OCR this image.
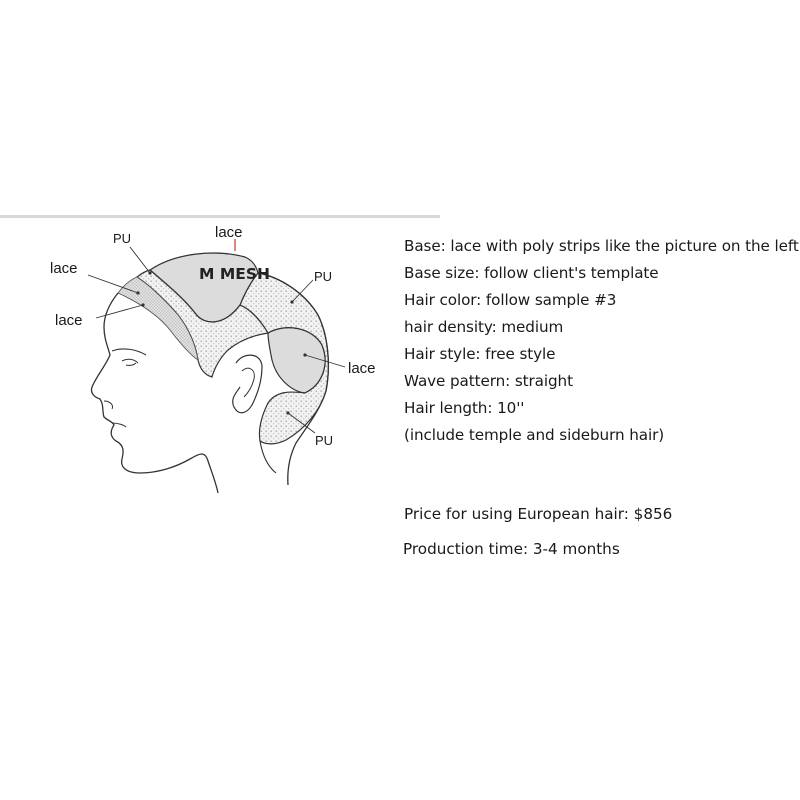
lace
PU
lace
lace
M MESH	PU
lace
PU
Base: lace with poly strips like the picture on the left
Base size: follow client's template
Hair color: follow sample #3
hair density: medium
Hair style: free style
Wave pattern: straight
Hair length: 10''
(include temple and sideburn hair)
Price for using European hair: $856
Production time: 3-4 months
